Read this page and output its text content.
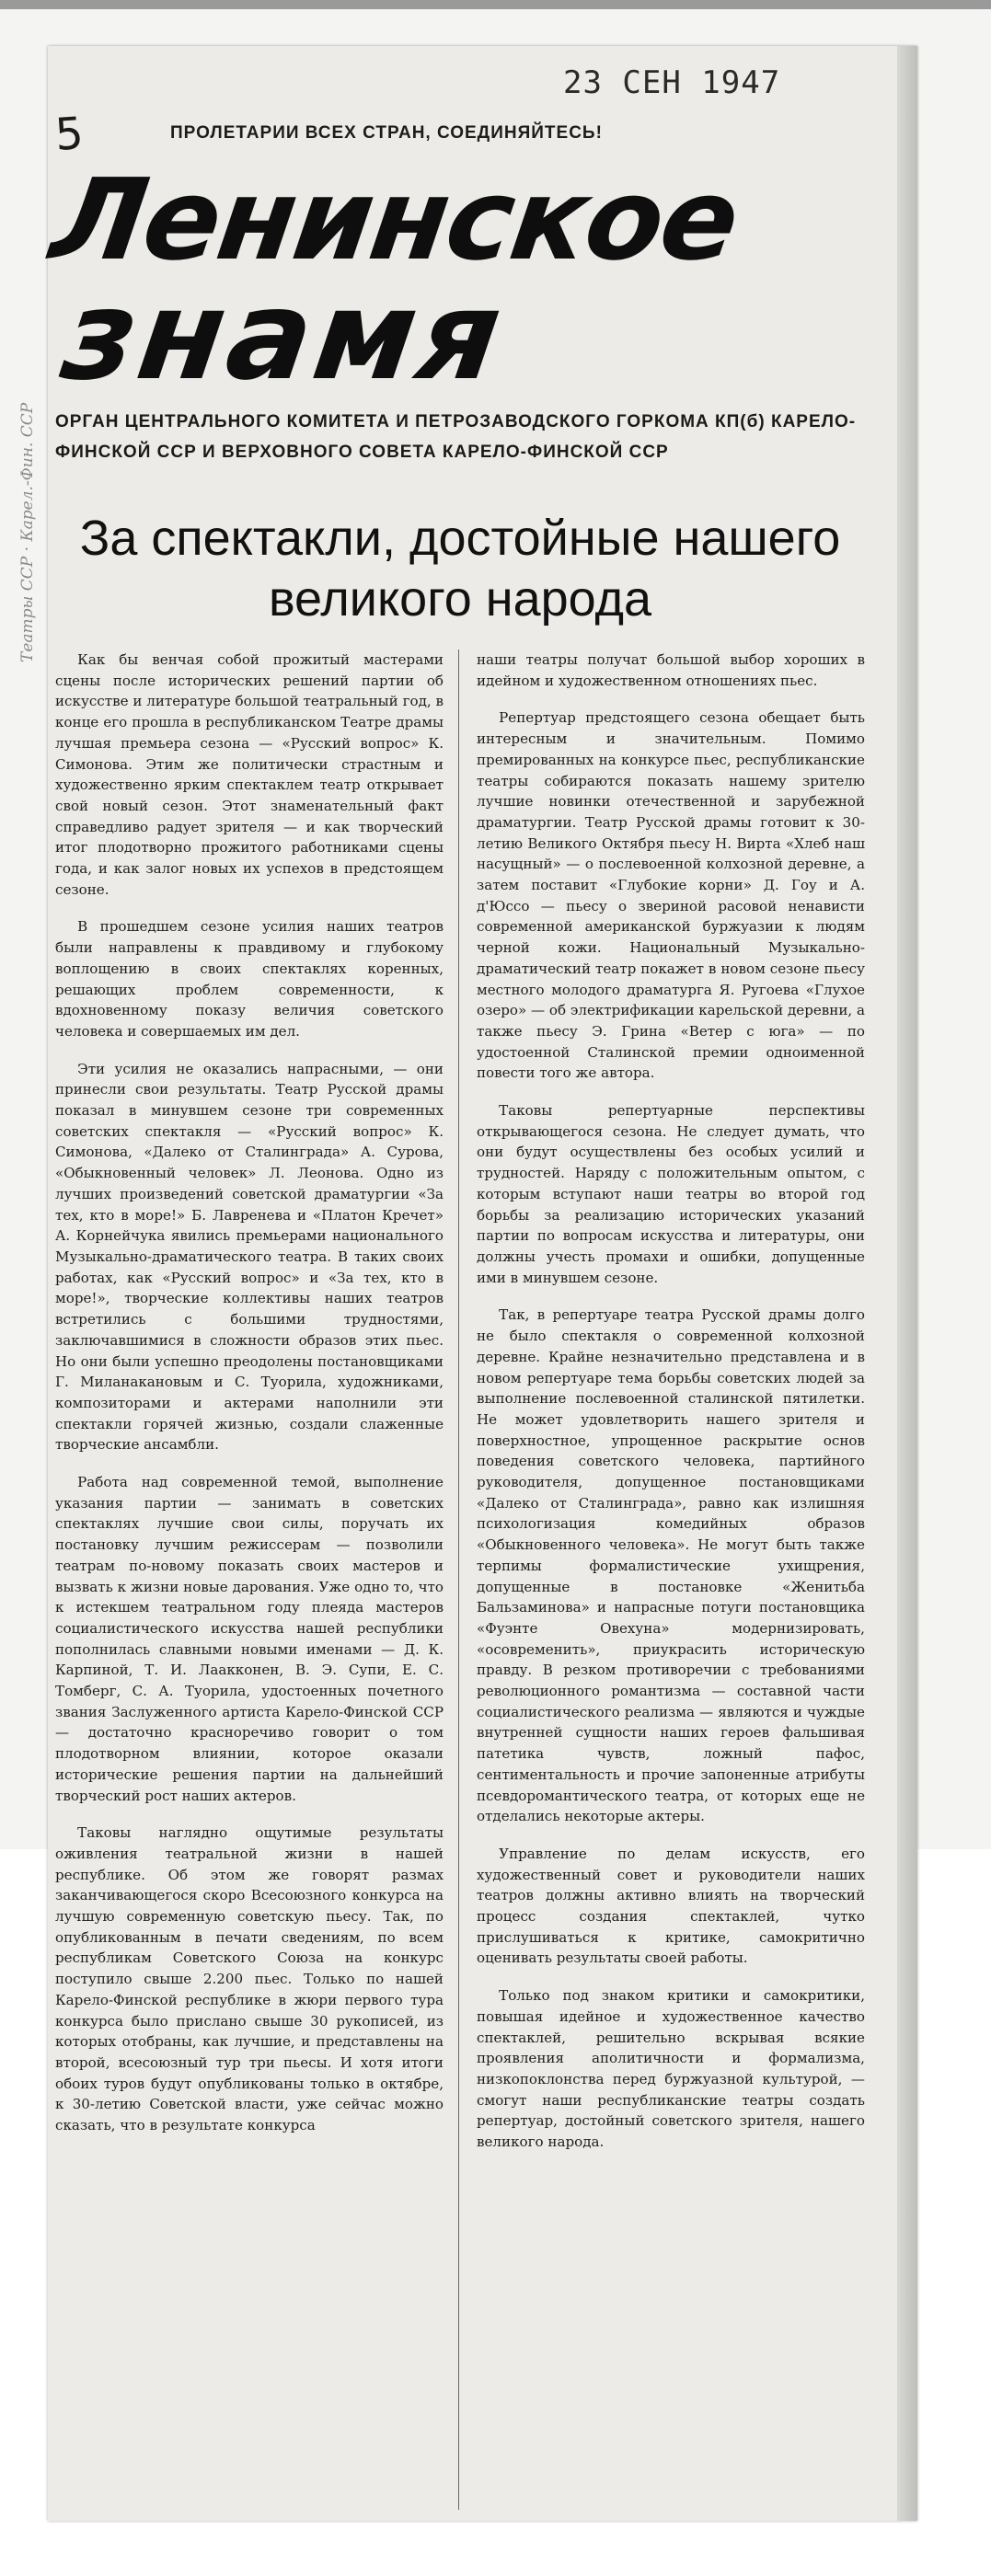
5
23 СЕН 1947
Театры ССР · Карел.-Фин. ССР
ПРОЛЕТАРИИ ВСЕХ СТРАН, СОЕДИНЯЙТЕСЬ!
Ленинское
знамя
ОРГАН ЦЕНТРАЛЬНОГО КОМИТЕТА И ПЕТРОЗАВОДСКОГО ГОРКОМА КП(б) КАРЕЛО-ФИНСКОЙ ССР И ВЕРХОВНОГО СОВЕТА КАРЕЛО-ФИНСКОЙ ССР
За спектакли, достойные нашего великого народа

Как бы венчая собой прожитый мастерами сцены после исторических решений партии об искусстве и литературе большой театральный год, в конце его прошла в республиканском Театре драмы лучшая премьера сезона — «Русский вопрос» К. Симонова. Этим же политически страстным и художественно ярким спектаклем театр открывает свой новый сезон. Этот знаменательный факт справедливо радует зрителя — и как творческий итог плодотворно прожитого работниками сцены года, и как залог новых их успехов в предстоящем сезоне.

В прошедшем сезоне усилия наших театров были направлены к правдивому и глубокому воплощению в своих спектаклях коренных, решающих проблем современности, к вдохновенному показу величия советского человека и совершаемых им дел.

Эти усилия не оказались напрасными, — они принесли свои результаты. Театр Русской драмы показал в минувшем сезоне три современных советских спектакля — «Русский вопрос» К. Симонова, «Далеко от Сталинграда» А. Сурова, «Обыкновенный человек» Л. Леонова. Одно из лучших произведений советской драматургии «За тех, кто в море!» Б. Лавренева и «Платон Кречет» А. Корнейчука явились премьерами национального Музыкально-драматического театра. В таких своих работах, как «Русский вопрос» и «За тех, кто в море!», творческие коллективы наших театров встретились с большими трудностями, заключавшимися в сложности образов этих пьес. Но они были успешно преодолены постановщиками Г. Миланакановым и С. Туорила, художниками, композиторами и актерами наполнили эти спектакли горячей жизнью, создали слаженные творческие ансамбли.

Работа над современной темой, выполнение указания партии — занимать в советских спектаклях лучшие свои силы, поручать их постановку лучшим режиссерам — позволили театрам по-новому показать своих мастеров и вызвать к жизни новые дарования. Уже одно то, что к истекшем театральном году плеяда мастеров социалистического искусства нашей республики пополнилась славными новыми именами — Д. К. Карпиной, Т. И. Лаакконен, В. Э. Супи, Е. С. Томберг, С. А. Туорила, удостоенных почетного звания Заслуженного артиста Карело-Финской ССР — достаточно красноречиво говорит о том плодотворном влиянии, которое оказали исторические решения партии на дальнейший творческий рост наших актеров.

Таковы наглядно ощутимые результаты оживления театральной жизни в нашей республике. Об этом же говорят размах заканчивающегося скоро Всесоюзного конкурса на лучшую современную советскую пьесу. Так, по опубликованным в печати сведениям, по всем республикам Советского Союза на конкурс поступило свыше 2.200 пьес. Только по нашей Карело-Финской республике в жюри первого тура конкурса было прислано свыше 30 рукописей, из которых отобраны, как лучшие, и представлены на второй, всесоюзный тур три пьесы. И хотя итоги обоих туров будут опубликованы только в октябре, к 30-летию Советской власти, уже сейчас можно сказать, что в результате конкурса

наши театры получат большой выбор хороших в идейном и художественном отношениях пьес.

Репертуар предстоящего сезона обещает быть интересным и значительным. Помимо премированных на конкурсе пьес, республиканские театры собираются показать нашему зрителю лучшие новинки отечественной и зарубежной драматургии. Театр Русской драмы готовит к 30-летию Великого Октября пьесу Н. Вирта «Хлеб наш насущный» — о послевоенной колхозной деревне, а затем поставит «Глубокие корни» Д. Гоу и А. д'Юссо — пьесу о звериной расовой ненависти современной американской буржуазии к людям черной кожи. Национальный Музыкально-драматический театр покажет в новом сезоне пьесу местного молодого драматурга Я. Ругоева «Глухое озеро» — об электрификации карельской деревни, а также пьесу Э. Грина «Ветер с юга» — по удостоенной Сталинской премии одноименной повести того же автора.

Таковы репертуарные перспективы открывающегося сезона. Не следует думать, что они будут осуществлены без особых усилий и трудностей. Наряду с положительным опытом, с которым вступают наши театры во второй год борьбы за реализацию исторических указаний партии по вопросам искусства и литературы, они должны учесть промахи и ошибки, допущенные ими в минувшем сезоне.

Так, в репертуаре театра Русской драмы долго не было спектакля о современной колхозной деревне. Крайне незначительно представлена и в новом репертуаре тема борьбы советских людей за выполнение послевоенной сталинской пятилетки. Не может удовлетворить нашего зрителя и поверхностное, упрощенное раскрытие основ поведения советского человека, партийного руководителя, допущенное постановщиками «Далеко от Сталинграда», равно как излишняя психологизация комедийных образов «Обыкновенного человека». Не могут быть также терпимы формалистические ухищрения, допущенные в постановке «Женитьба Бальзаминова» и напрасные потуги постановщика «Фуэнте Овехуна» модернизировать, «осовременить», приукрасить историческую правду. В резком противоречии с требованиями революционного романтизма — составной части социалистического реализма — являются и чуждые внутренней сущности наших героев фальшивая патетика чувств, ложный пафос, сентиментальность и прочие запоненные атрибуты псевдоромантического театра, от которых еще не отделались некоторые актеры.

Управление по делам искусств, его художественный совет и руководители наших театров должны активно влиять на творческий процесс создания спектаклей, чутко прислушиваться к критике, самокритично оценивать результаты своей работы.

Только под знаком критики и самокритики, повышая идейное и художественное качество спектаклей, решительно вскрывая всякие проявления аполитичности и формализма, низкопоклонства перед буржуазной культурой, — смогут наши республиканские театры создать репертуар, достойный советского зрителя, нашего великого народа.
